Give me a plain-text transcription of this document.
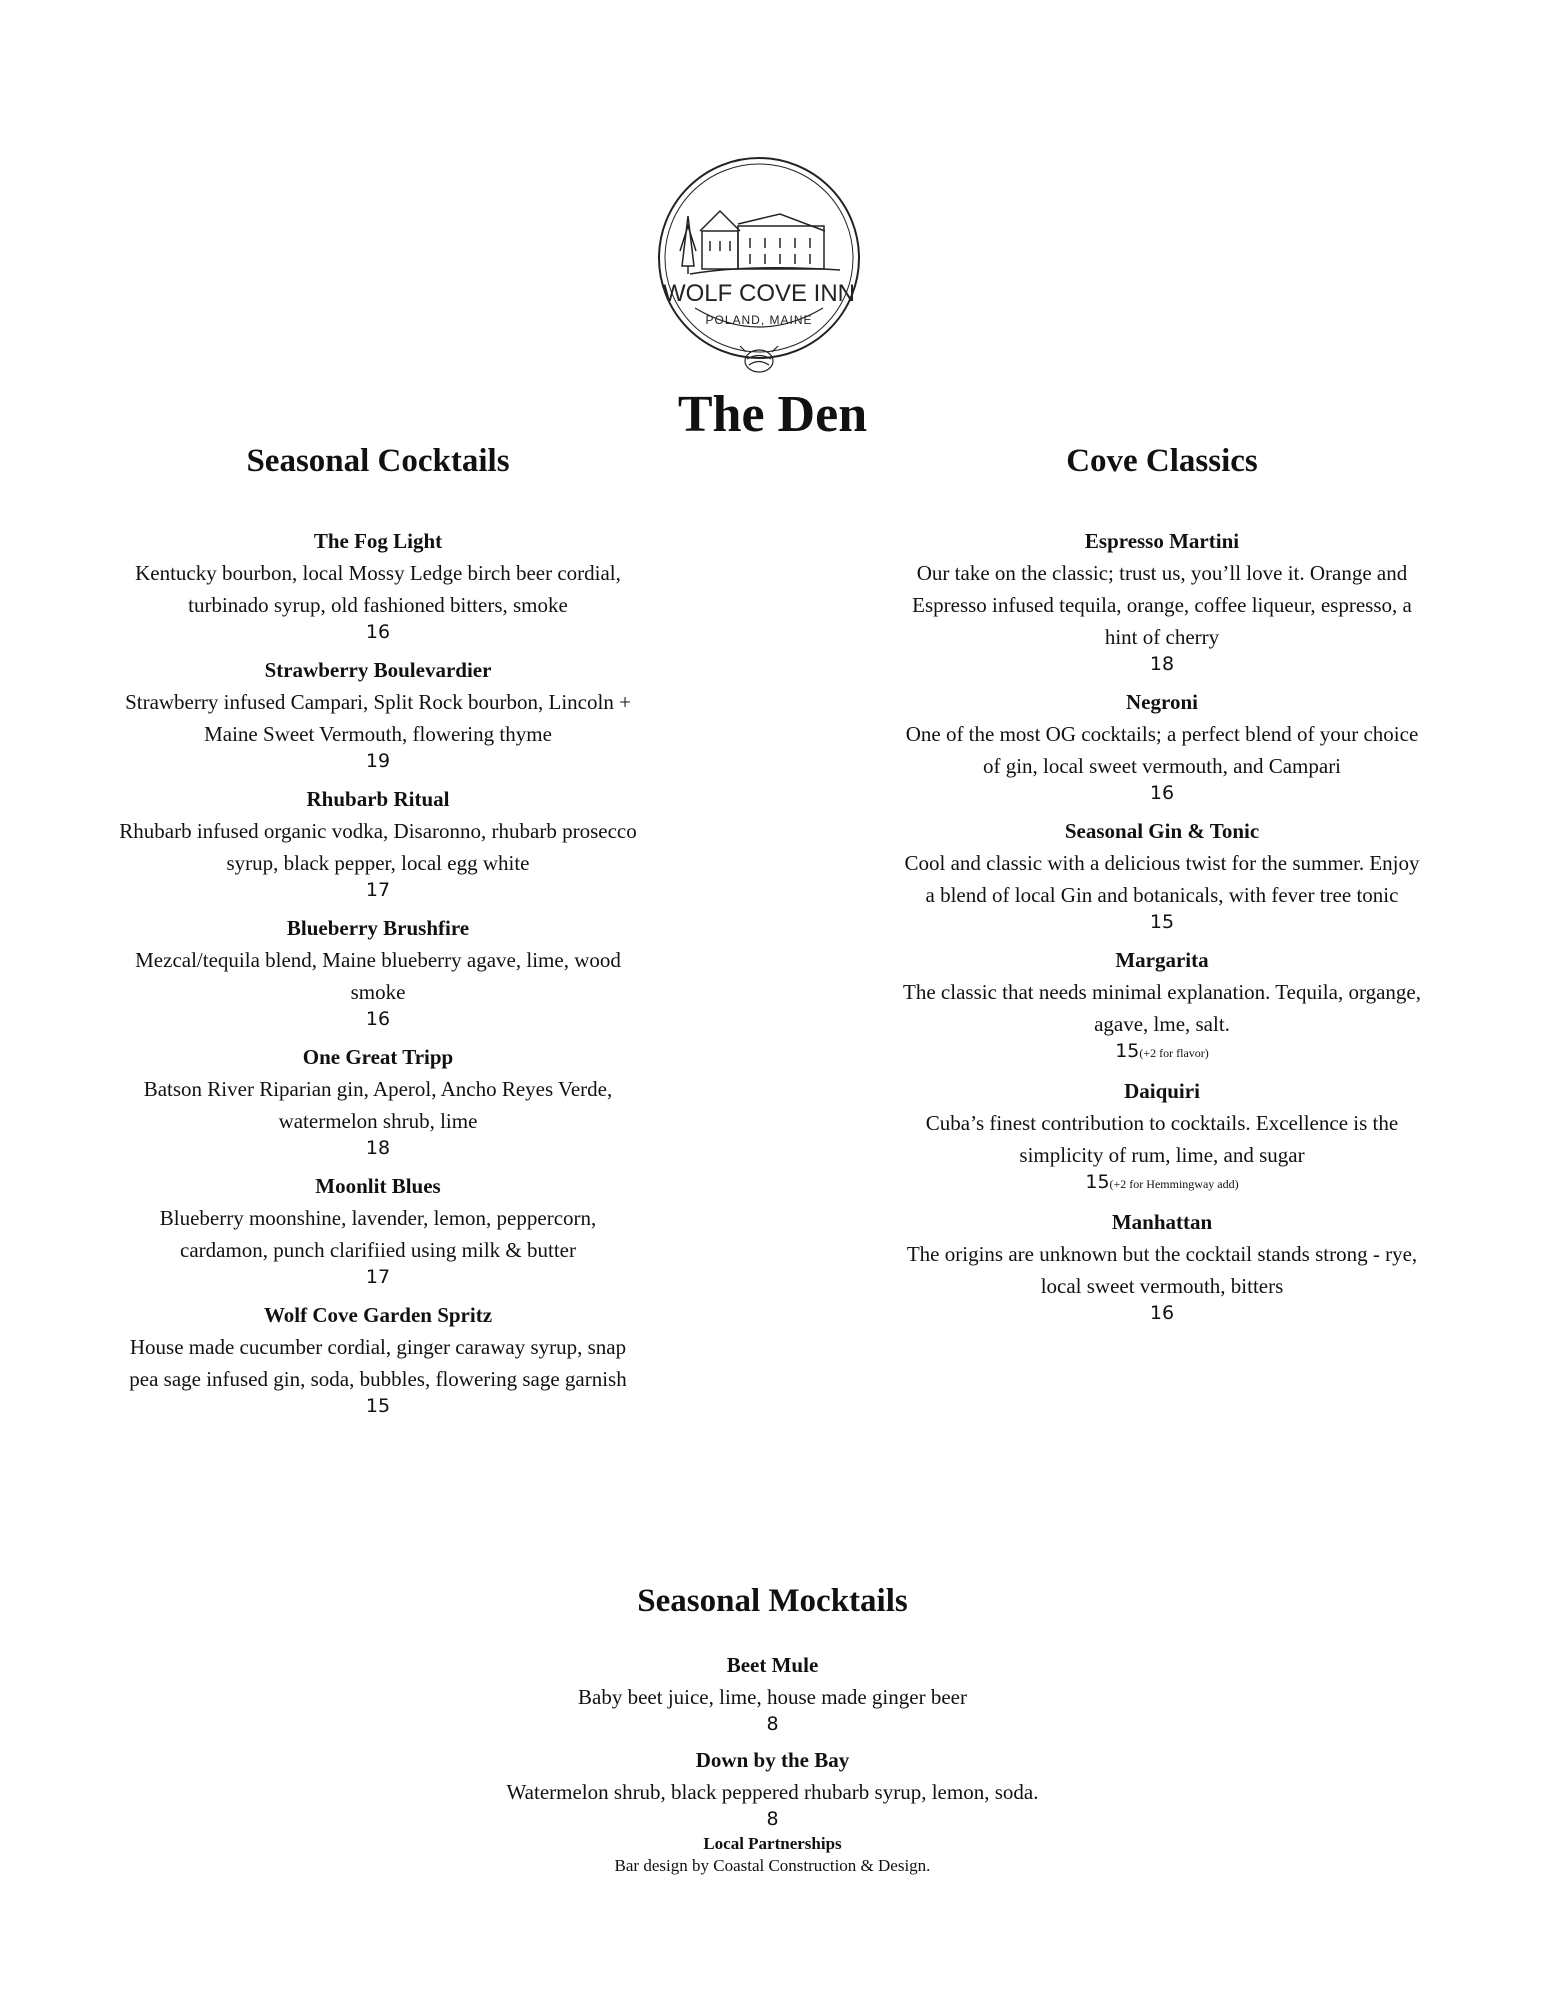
WOLF COVE INN
POLAND, MAINE
The Den
Seasonal Cocktails
The Fog Light
Kentucky bourbon, local Mossy Ledge birch beer cordial, turbinado syrup, old fashioned bitters, smoke
16
Strawberry Boulevardier
Strawberry infused Campari, Split Rock bourbon, Lincoln + Maine Sweet Vermouth, flowering thyme
19
Rhubarb Ritual
Rhubarb infused organic vodka, Disaronno, rhubarb prosecco syrup, black pepper, local egg white
17
Blueberry Brushfire
Mezcal/tequila blend, Maine blueberry agave, lime, wood smoke
16
One Great Tripp
Batson River Riparian gin, Aperol, Ancho Reyes Verde, watermelon shrub, lime
18
Moonlit Blues
Blueberry moonshine, lavender, lemon, peppercorn, cardamon, punch clarifiied using milk & butter
17
Wolf Cove Garden Spritz
House made cucumber cordial, ginger caraway syrup, snap pea sage infused gin, soda, bubbles, flowering sage garnish
15
Cove Classics
Espresso Martini
Our take on the classic; trust us, you’ll love it. Orange and Espresso infused tequila, orange, coffee liqueur, espresso, a hint of cherry
18
Negroni
One of the most OG cocktails; a perfect blend of your choice of gin, local sweet vermouth, and Campari
16
Seasonal Gin & Tonic
Cool and classic with a delicious twist for the summer. Enjoy a blend of local Gin and botanicals, with fever tree tonic
15
Margarita
The classic that needs minimal explanation. Tequila, organge, agave, lme, salt.
15(+2 for flavor)
Daiquiri
Cuba’s finest contribution to cocktails. Excellence is the simplicity of rum, lime, and sugar
15(+2 for Hemmingway add)
Manhattan
The origins are unknown but the cocktail stands strong - rye, local sweet vermouth, bitters
16
Seasonal Mocktails
Beet Mule
Baby beet juice, lime, house made ginger beer
8
Down by the Bay
Watermelon shrub, black peppered rhubarb syrup, lemon, soda.
8
Local Partnerships
Bar design by Coastal Construction & Design.
